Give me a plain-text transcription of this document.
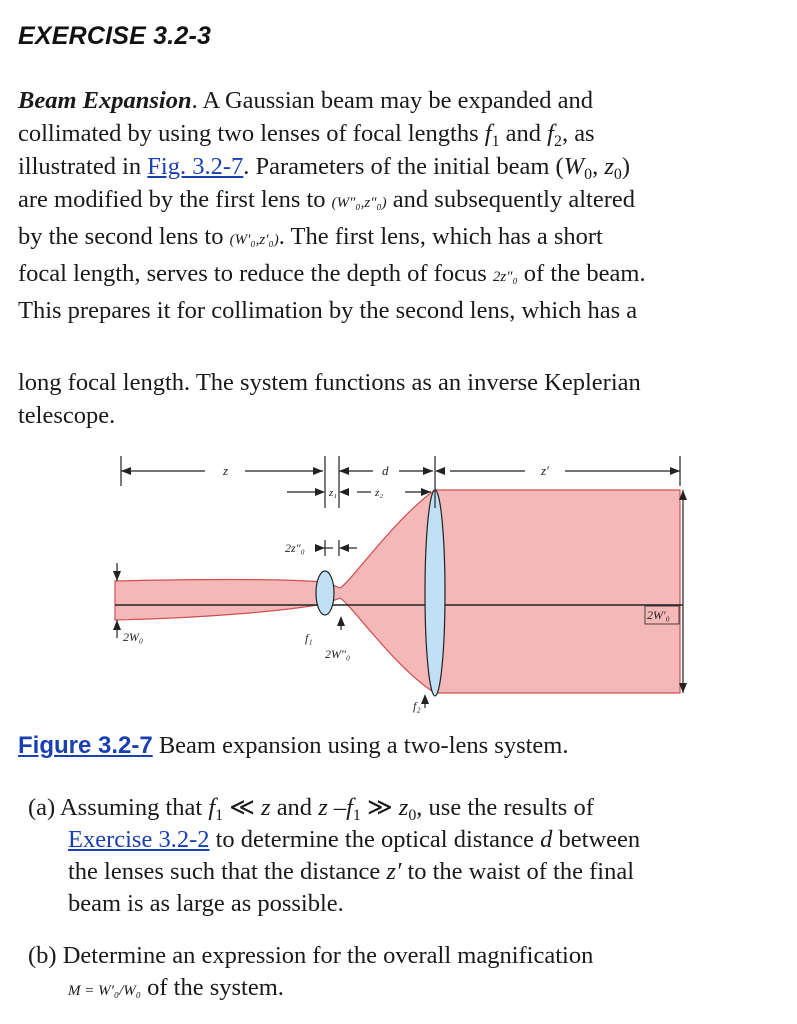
EXERCISE 3.2-3
Beam Expansion. A Gaussian beam may be expanded and
collimated by using two lenses of focal lengths $f_1$ and $f_2$, as
illustrated in Fig. 3.2-7. Parameters of the initial beam ($W_0$, $z_0$)
are modified by the first lens to (W″₀,z″₀) and subsequently altered
by the second lens to (W′₀,z′₀). The first lens, which has a short
focal length, serves to reduce the depth of focus 2z″₀ of the beam.
This prepares it for collimation by the second lens, which has a
long focal length. The system functions as an inverse Keplerian
telescope.
z	d	z′
z₁	z₂
2z″₀
2W₀	f₁
2W″₀
f₂
2W′₀
Figure 3.2-7 Beam expansion using a two-lens system.
(a) Assuming that $f_1$ ≪ z and z $-f_1$ ≫ $z_0$, use the results of
Exercise 3.2-2 to determine the optical distance d between
the lenses such that the distance z′ to the waist of the final
beam is as large as possible.
(b) Determine an expression for the overall magnification
M = W′₀/W₀ of the system.
